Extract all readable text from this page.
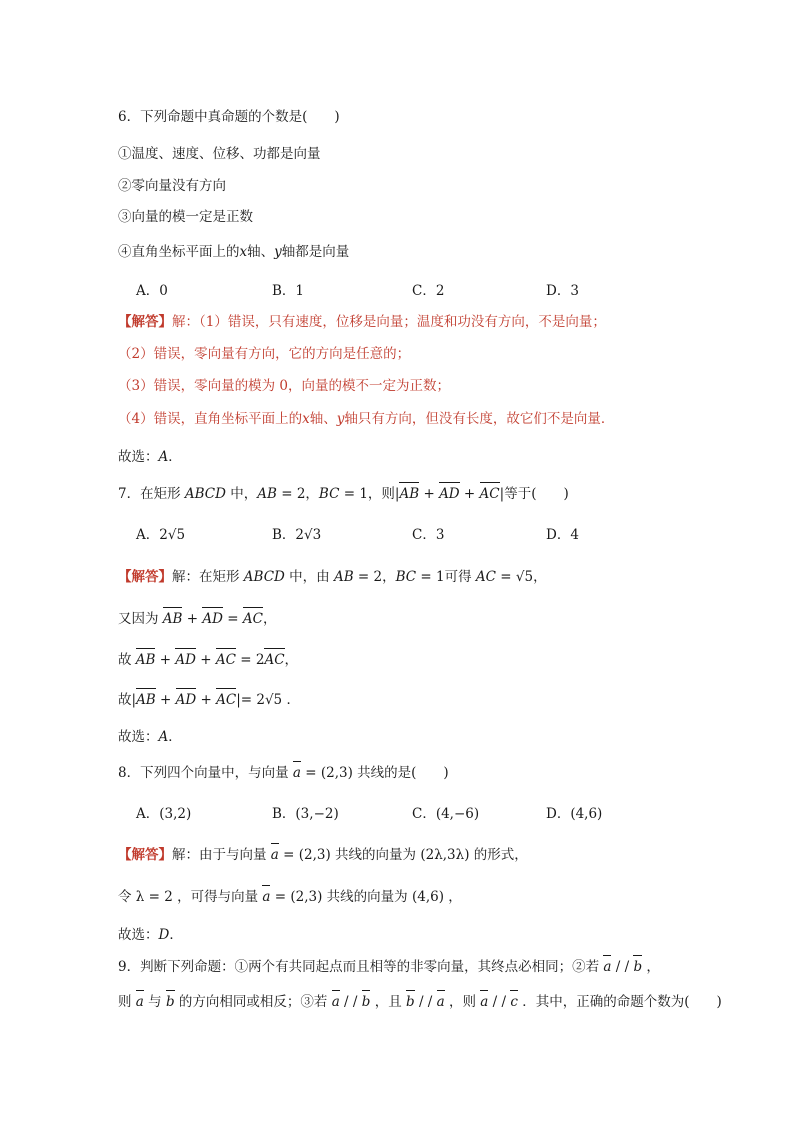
6．下列命题中真命题的个数是(　　)
①温度、速度、位移、功都是向量
②零向量没有方向
③向量的模一定是正数
④直角坐标平面上的x轴、y轴都是向量
A．0	B．1	C．2	D．3
【解答】解：（1）错误，只有速度，位移是向量；温度和功没有方向，不是向量；
（2）错误，零向量有方向，它的方向是任意的；
（3）错误，零向量的模为 0，向量的模不一定为正数；
（4）错误，直角坐标平面上的x轴、y轴只有方向，但没有长度，故它们不是向量．
故选：A．
7．在矩形 ABCD 中，AB = 2，BC = 1，则|AB + AD + AC|等于(　　)
A．2√5	B．2√3	C．3	D．4
【解答】解：在矩形 ABCD 中，由 AB = 2，BC = 1可得 AC = √5，
又因为 AB + AD = AC，
故 AB + AD + AC = 2AC，
故|AB + AD + AC|= 2√5 ．
故选：A．
8．下列四个向量中，与向量 a = (2,3) 共线的是(　　)
A．(3,2)	B．(3,−2)	C．(4,−6)	D．(4,6)
【解答】解：由于与向量 a = (2,3) 共线的向量为 (2λ,3λ) 的形式，
令 λ = 2 ，可得与向量 a = (2,3) 共线的向量为 (4,6) ，
故选：D．
9．判断下列命题：①两个有共同起点而且相等的非零向量，其终点必相同；②若 a / / b ，
则 a 与 b 的方向相同或相反；③若 a / / b ，且 b / / a ，则 a / / c ．其中，正确的命题个数为(　　)
